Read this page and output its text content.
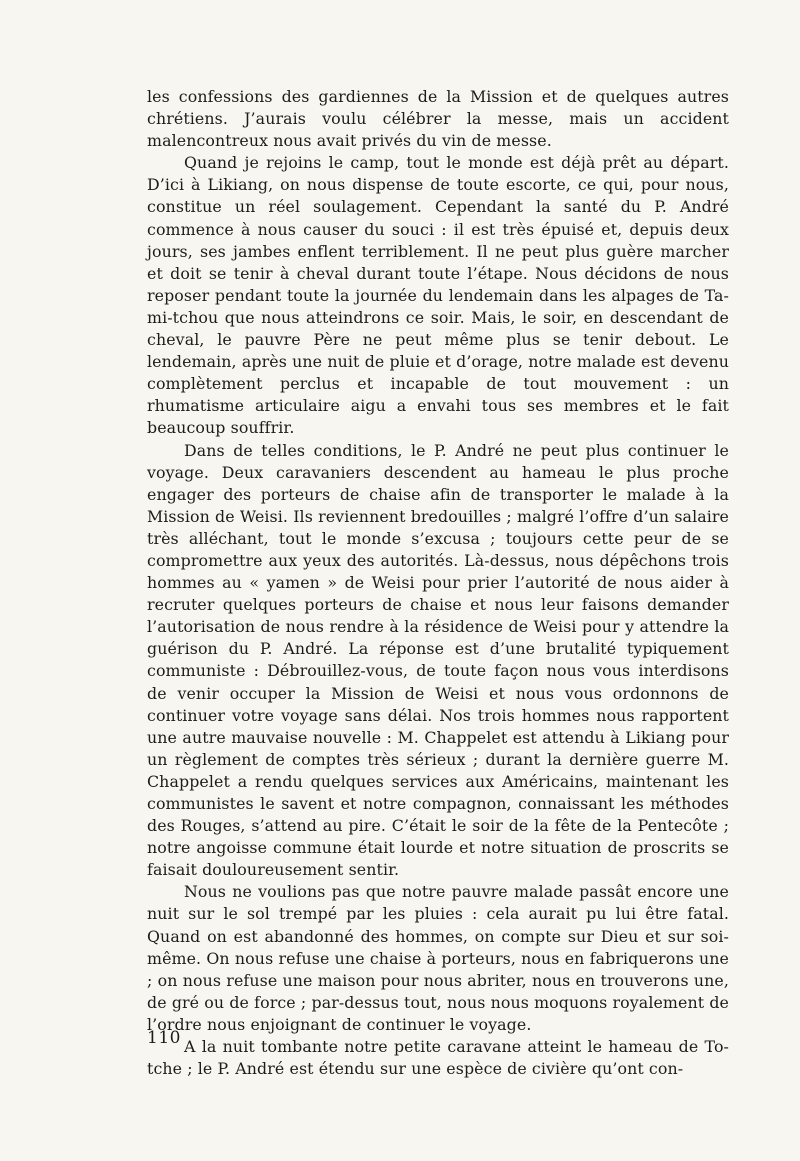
les confessions des gardiennes de la Mission et de quelques autres chrétiens. J’aurais voulu célébrer la messe, mais un accident malencontreux nous avait privés du vin de messe.

Quand je rejoins le camp, tout le monde est déjà prêt au départ. D’ici à Likiang, on nous dispense de toute escorte, ce qui, pour nous, constitue un réel soulagement. Cependant la santé du P. André commence à nous causer du souci : il est très épuisé et, depuis deux jours, ses jambes enflent terriblement. Il ne peut plus guère marcher et doit se tenir à cheval durant toute l’étape. Nous décidons de nous reposer pendant toute la journée du lendemain dans les alpages de Ta-mi-tchou que nous atteindrons ce soir. Mais, le soir, en descendant de cheval, le pauvre Père ne peut même plus se tenir debout. Le lendemain, après une nuit de pluie et d’orage, notre malade est devenu complètement perclus et incapable de tout mouvement : un rhumatisme articulaire aigu a envahi tous ses membres et le fait beaucoup souffrir.

Dans de telles conditions, le P. André ne peut plus continuer le voyage. Deux caravaniers descendent au hameau le plus proche engager des porteurs de chaise afin de transporter le malade à la Mission de Weisi. Ils reviennent bredouilles ; malgré l’offre d’un salaire très alléchant, tout le monde s’excusa ; toujours cette peur de se compromettre aux yeux des autorités. Là-dessus, nous dépêchons trois hommes au « yamen » de Weisi pour prier l’autorité de nous aider à recruter quelques porteurs de chaise et nous leur faisons demander l’autorisation de nous rendre à la résidence de Weisi pour y attendre la guérison du P. André. La réponse est d’une brutalité typiquement communiste : Débrouillez-vous, de toute façon nous vous interdisons de venir occuper la Mission de Weisi et nous vous ordonnons de continuer votre voyage sans délai. Nos trois hommes nous rapportent une autre mauvaise nouvelle : M. Chappelet est attendu à Likiang pour un règlement de comptes très sérieux ; durant la dernière guerre M. Chappelet a rendu quelques services aux Américains, maintenant les communistes le savent et notre compagnon, connaissant les méthodes des Rouges, s’attend au pire. C’était le soir de la fête de la Pentecôte ; notre angoisse commune était lourde et notre situation de proscrits se faisait douloureusement sentir.

Nous ne voulions pas que notre pauvre malade passât encore une nuit sur le sol trempé par les pluies : cela aurait pu lui être fatal. Quand on est abandonné des hommes, on compte sur Dieu et sur soi-même. On nous refuse une chaise à porteurs, nous en fabriquerons une ; on nous refuse une maison pour nous abriter, nous en trouverons une, de gré ou de force ; par-dessus tout, nous nous moquons royalement de l’ordre nous enjoignant de continuer le voyage.

A la nuit tombante notre petite caravane atteint le hameau de To-tche ; le P. André est étendu sur une espèce de civière qu’ont con-

110
